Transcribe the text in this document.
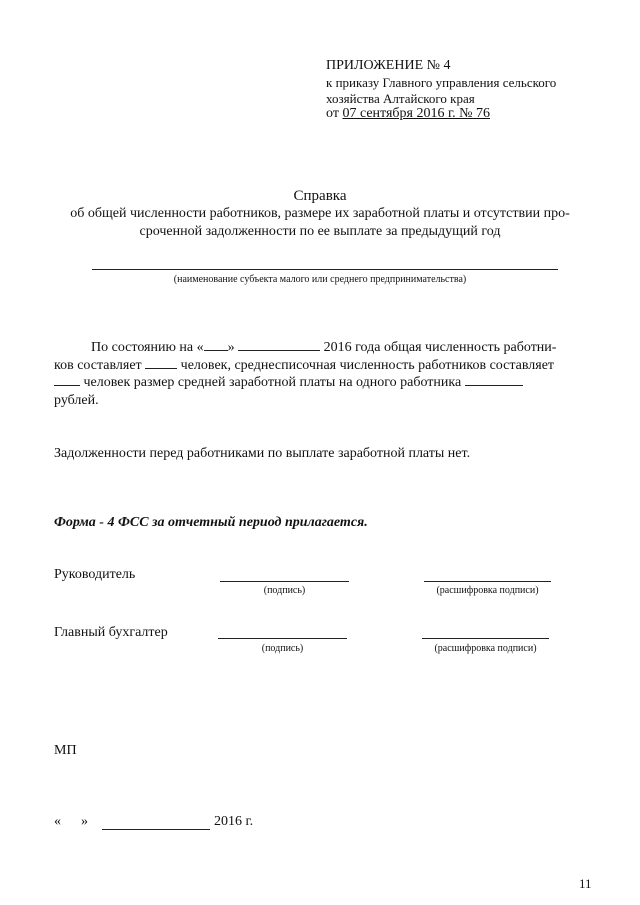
ПРИЛОЖЕНИЕ № 4
к приказу Главного управления сельского
хозяйства Алтайского края
от 07 сентября 2016 г. № 76
Справка
об общей численности работников, размере их заработной платы и отсутствии про-
сроченной задолженности по ее выплате за предыдущий год
(наименование субъекта малого или среднего предпринимательства)
По состоянию на « »	2016 года общая численность работни-
ков составляет  человек, среднесписочная численность работников составляет
человек размер средней заработной платы на одного работника
рублей.
Задолженности перед работниками по выплате заработной платы нет.
Форма - 4 ФСС за отчетный период прилагается.
Руководитель
(подпись)	(расшифровка подписи)
Главный бухгалтер
(подпись)	(расшифровка подписи)
МП
« »	2016 г.
11
